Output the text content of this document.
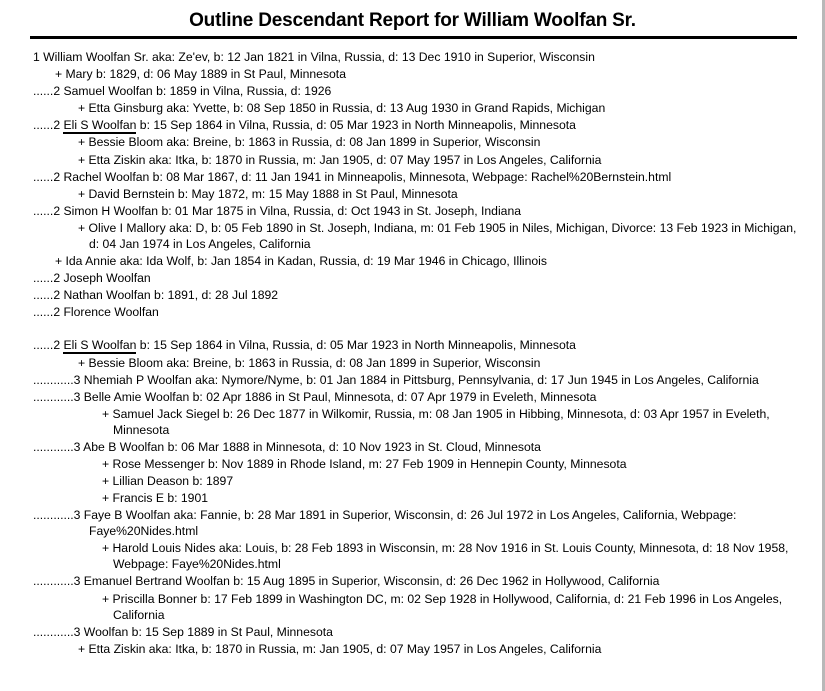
Outline Descendant Report for William Woolfan Sr.
1 William Woolfan Sr. aka: Ze'ev, b: 12 Jan 1821 in Vilna, Russia, d: 13 Dec 1910 in Superior, Wisconsin
+ Mary b: 1829, d: 06 May 1889 in St Paul, Minnesota
......2 Samuel Woolfan b: 1859 in Vilna, Russia, d: 1926
+ Etta Ginsburg aka: Yvette, b: 08 Sep 1850 in Russia, d: 13 Aug 1930 in Grand Rapids, Michigan
......2 Eli S Woolfan b: 15 Sep 1864 in Vilna, Russia, d: 05 Mar 1923 in North Minneapolis, Minnesota
+ Bessie Bloom aka: Breine, b: 1863 in Russia, d: 08 Jan 1899 in Superior, Wisconsin
+ Etta Ziskin aka: Itka, b: 1870 in Russia, m: Jan 1905, d: 07 May 1957 in Los Angeles, California
......2 Rachel Woolfan b: 08 Mar 1867, d: 11 Jan 1941 in Minneapolis, Minnesota, Webpage: Rachel%20Bernstein.html
+ David Bernstein b: May 1872, m: 15 May 1888 in St Paul, Minnesota
......2 Simon H Woolfan b: 01 Mar 1875 in Vilna, Russia, d: Oct 1943 in St. Joseph, Indiana
+ Olive I Mallory aka: D, b: 05 Feb 1890 in St. Joseph, Indiana, m: 01 Feb 1905 in Niles, Michigan, Divorce: 13 Feb 1923 in Michigan, d: 04 Jan 1974 in Los Angeles, California
+ Ida Annie aka: Ida Wolf, b: Jan 1854 in Kadan, Russia, d: 19 Mar 1946 in Chicago, Illinois
......2 Joseph Woolfan
......2 Nathan Woolfan b: 1891, d: 28 Jul 1892
......2 Florence Woolfan
......2 Eli S Woolfan b: 15 Sep 1864 in Vilna, Russia, d: 05 Mar 1923 in North Minneapolis, Minnesota
+ Bessie Bloom aka: Breine, b: 1863 in Russia, d: 08 Jan 1899 in Superior, Wisconsin
............3 Nhemiah P Woolfan aka: Nymore/Nyme, b: 01 Jan 1884 in Pittsburg, Pennsylvania, d: 17 Jun 1945 in Los Angeles, California
............3 Belle Amie Woolfan b: 02 Apr 1886 in St Paul, Minnesota, d: 07 Apr 1979 in Eveleth, Minnesota
+ Samuel Jack Siegel b: 26 Dec 1877 in Wilkomir, Russia, m: 08 Jan 1905 in Hibbing, Minnesota, d: 03 Apr 1957 in Eveleth, Minnesota
............3 Abe B Woolfan b: 06 Mar 1888 in Minnesota, d: 10 Nov 1923 in St. Cloud, Minnesota
+ Rose Messenger b: Nov 1889 in Rhode Island, m: 27 Feb 1909 in Hennepin County, Minnesota
+ Lillian Deason b: 1897
+ Francis E b: 1901
............3 Faye B Woolfan aka: Fannie, b: 28 Mar 1891 in Superior, Wisconsin, d: 26 Jul 1972 in Los Angeles, California, Webpage: Faye%20Nides.html
+ Harold Louis Nides aka: Louis, b: 28 Feb 1893 in Wisconsin, m: 28 Nov 1916 in St. Louis County, Minnesota, d: 18 Nov 1958, Webpage: Faye%20Nides.html
............3 Emanuel Bertrand Woolfan b: 15 Aug 1895 in Superior, Wisconsin, d: 26 Dec 1962 in Hollywood, California
+ Priscilla Bonner b: 17 Feb 1899 in Washington DC, m: 02 Sep 1928 in Hollywood, California, d: 21 Feb 1996 in Los Angeles, California
............3 Woolfan b: 15 Sep 1889 in St Paul, Minnesota
+ Etta Ziskin aka: Itka, b: 1870 in Russia, m: Jan 1905, d: 07 May 1957 in Los Angeles, California
